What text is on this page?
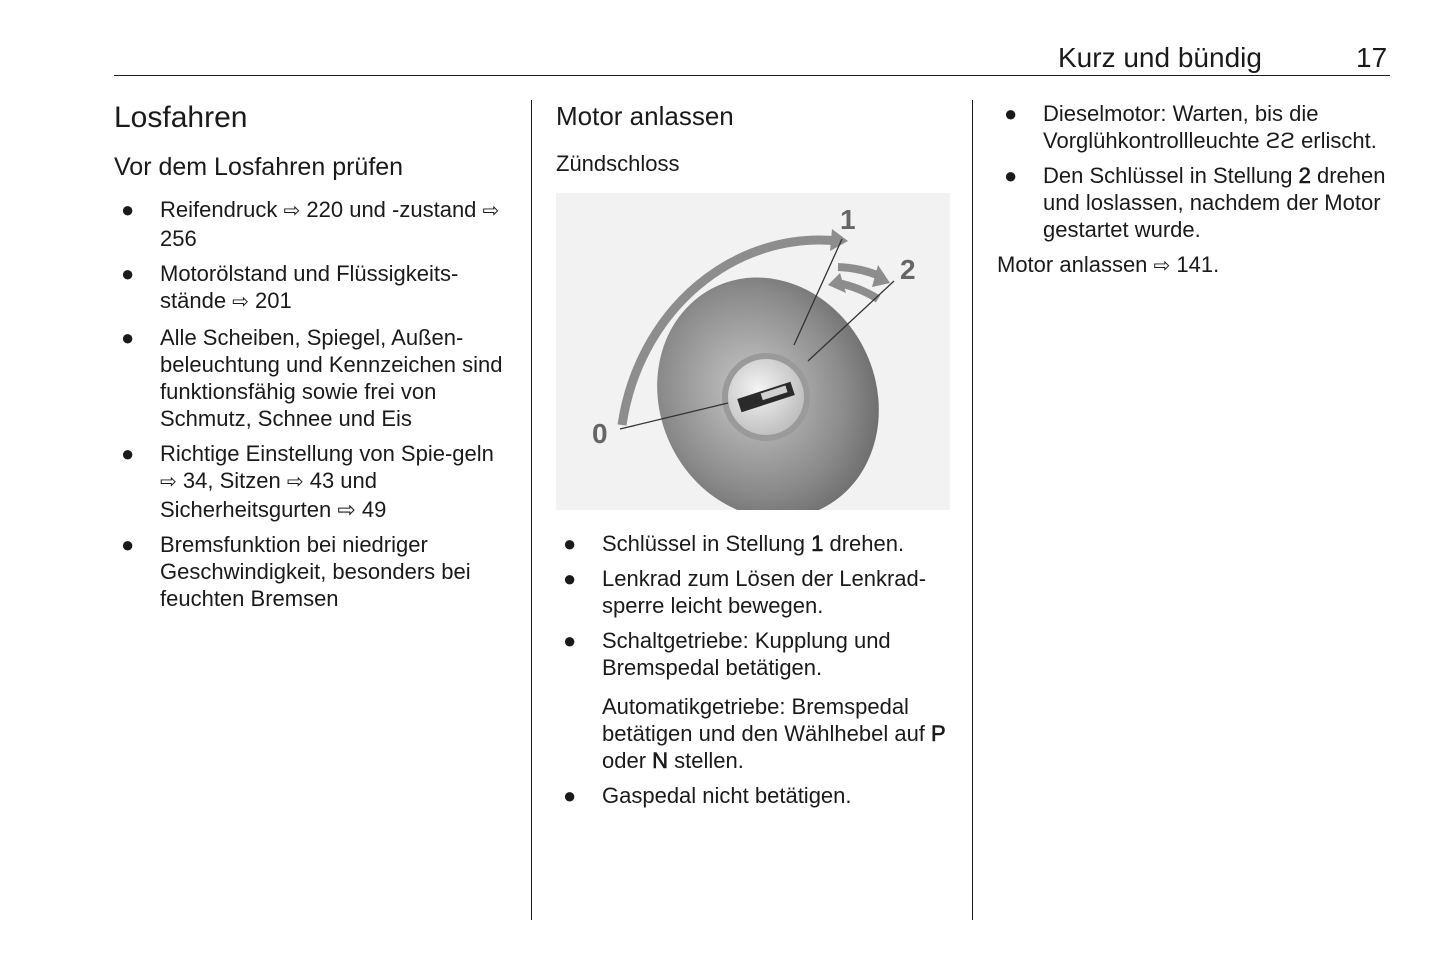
Kurz und bündig	17
Losfahren
Vor dem Losfahren prüfen
● Reifendruck ⇨ 220 und -zustand ⇨ 256
● Motorölstand und Flüssigkeits-stände ⇨ 201
● Alle Scheiben, Spiegel, Außen-beleuchtung und Kennzeichen sind funktionsfähig sowie frei von Schmutz, Schnee und Eis
● Richtige Einstellung von Spie-geln ⇨ 34, Sitzen ⇨ 43 und Sicherheitsgurten ⇨ 49
● Bremsfunktion bei niedriger Geschwindigkeit, besonders bei feuchten Bremsen
Motor anlassen
Zündschloss
0
1
2
● Schlüssel in Stellung 1 drehen.
● Lenkrad zum Lösen der Lenkrad-sperre leicht bewegen.
● Schaltgetriebe: Kupplung und Bremspedal betätigen.
Automatikgetriebe: Bremspedal betätigen und den Wählhebel auf P oder N stellen.
● Gaspedal nicht betätigen.
● Dieselmotor: Warten, bis die Vorglühkontrollleuchte ϩϩ erlischt.
● Den Schlüssel in Stellung 2 drehen und loslassen, nachdem der Motor gestartet wurde.
Motor anlassen ⇨ 141.
